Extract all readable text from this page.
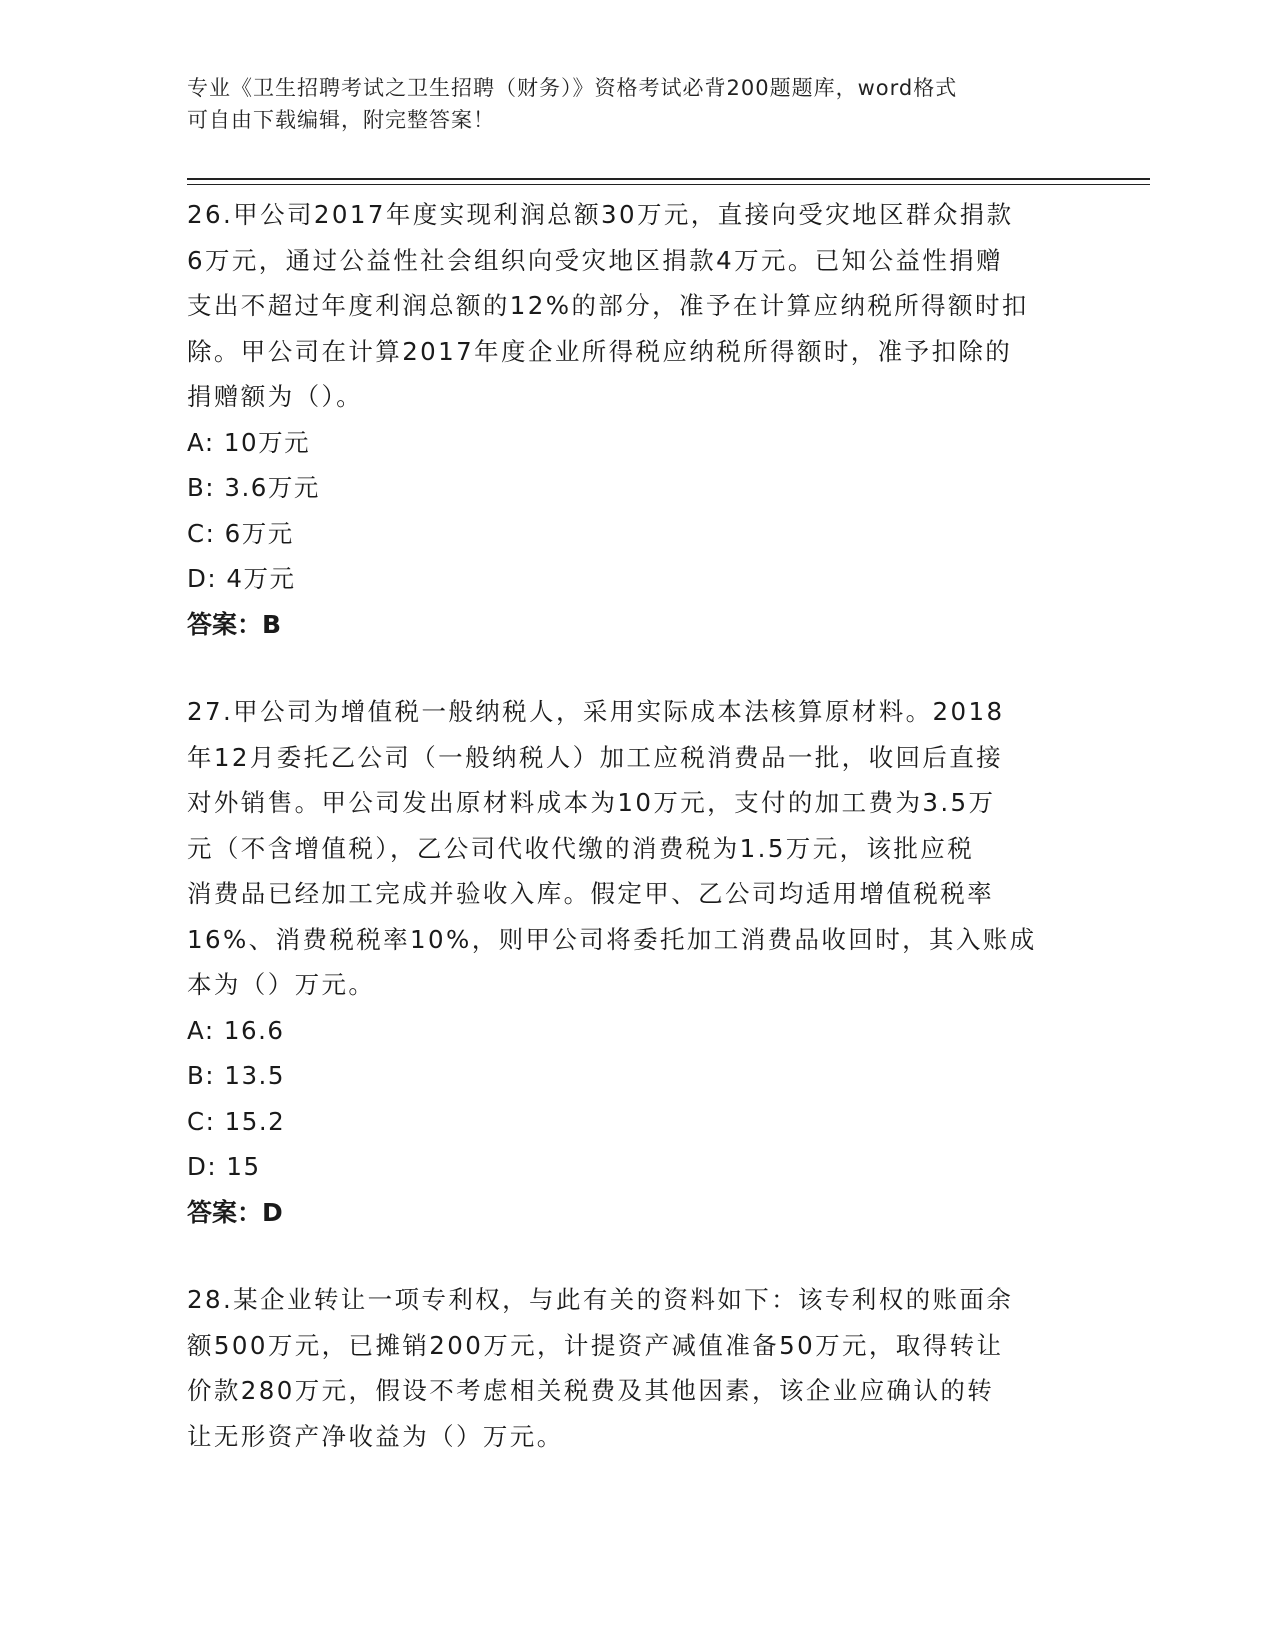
专业《卫生招聘考试之卫生招聘（财务）》资格考试必背200题题库，word格式
可自由下载编辑，附完整答案！

26.甲公司2017年度实现利润总额30万元，直接向受灾地区群众捐款

6万元，通过公益性社会组织向受灾地区捐款4万元。已知公益性捐赠

支出不超过年度利润总额的12%的部分，准予在计算应纳税所得额时扣

除。甲公司在计算2017年度企业所得税应纳税所得额时，准予扣除的

捐赠额为（）。

A: 10万元

B: 3.6万元

C: 6万元

D: 4万元

答案：B

27.甲公司为增值税一般纳税人，采用实际成本法核算原材料。2018

年12月委托乙公司（一般纳税人）加工应税消费品一批，收回后直接

对外销售。甲公司发出原材料成本为10万元，支付的加工费为3.5万

元（不含增值税），乙公司代收代缴的消费税为1.5万元，该批应税

消费品已经加工完成并验收入库。假定甲、乙公司均适用增值税税率

16%、消费税税率10%，则甲公司将委托加工消费品收回时，其入账成

本为（）万元。

A: 16.6

B: 13.5

C: 15.2

D: 15

答案：D

28.某企业转让一项专利权，与此有关的资料如下：该专利权的账面余

额500万元，已摊销200万元，计提资产减值准备50万元，取得转让

价款280万元，假设不考虑相关税费及其他因素，该企业应确认的转

让无形资产净收益为（）万元。
